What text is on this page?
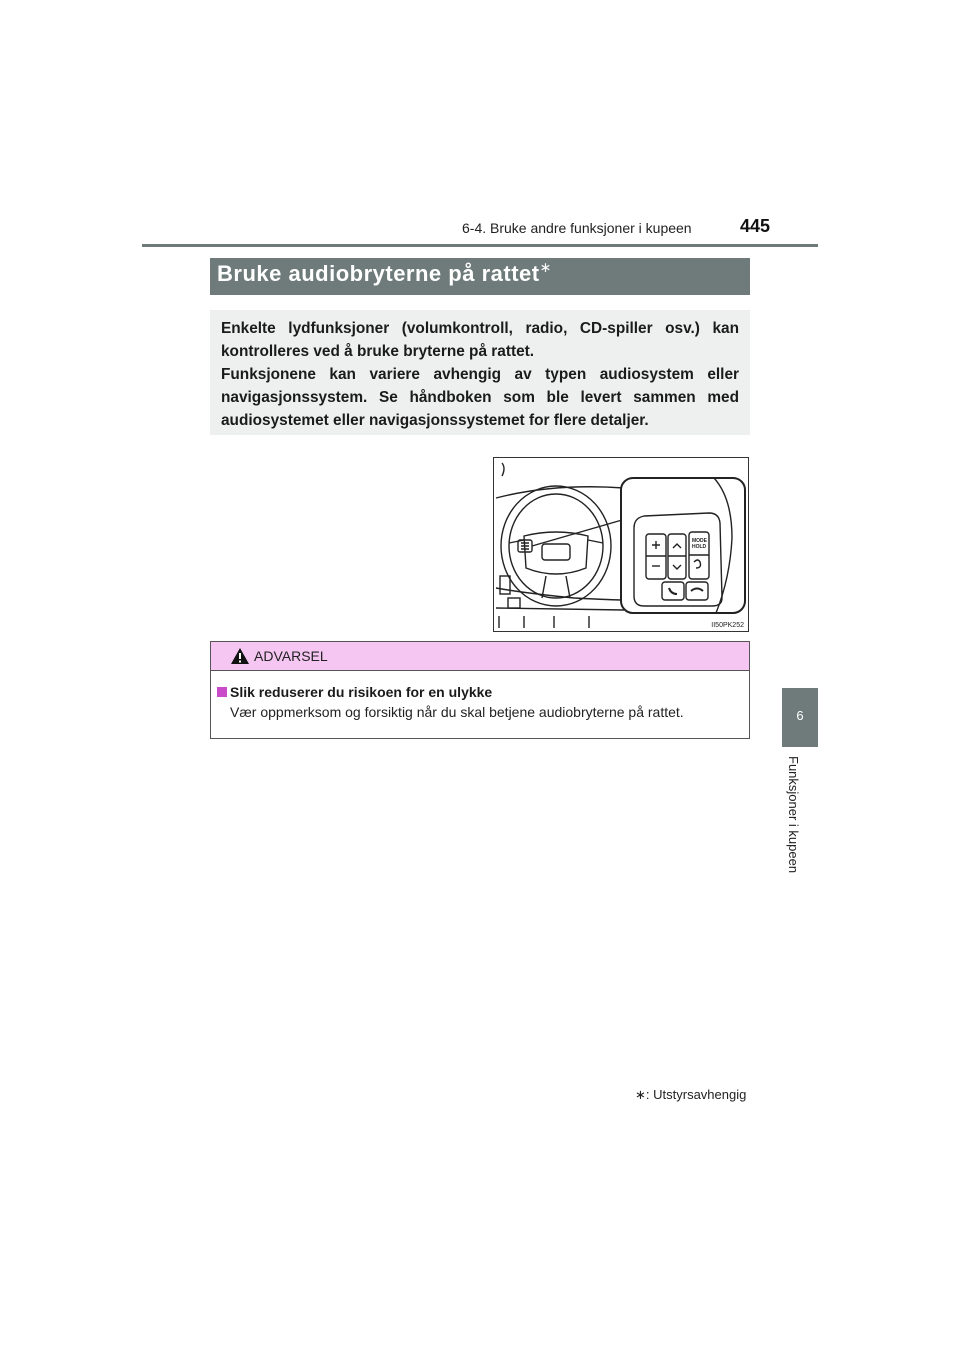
6-4. Bruke andre funksjoner i kupeen	445
Bruke audiobryterne på rattet∗

Enkelte lydfunksjoner (volumkontroll, radio, CD-spiller osv.) kan kontrolleres ved å bruke bryterne på rattet.

Funksjonene kan variere avhengig av typen audiosystem eller navigasjonssystem. Se håndboken som ble levert sammen med audiosystemet eller navigasjonssystemet for flere detaljer.

MODE
HOLD
II50PK252
6
Funksjoner i kupeen
ADVARSEL
Slik reduserer du risikoen for en ulykke
Vær oppmerksom og forsiktig når du skal betjene audiobryterne på rattet.
∗: Utstyrsavhengig
